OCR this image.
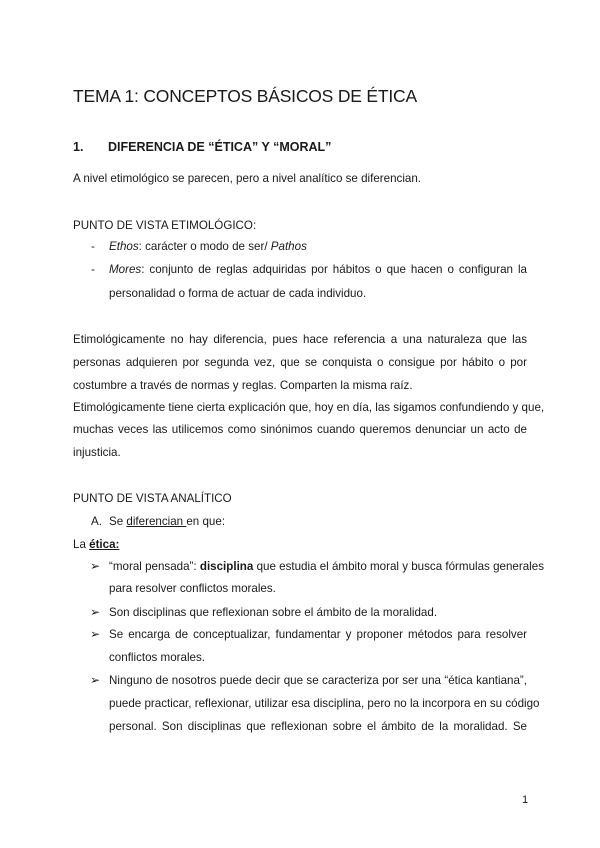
TEMA 1: CONCEPTOS BÁSICOS DE ÉTICA
1. DIFERENCIA DE “ÉTICA” Y “MORAL”
A nivel etimológico se parecen, pero a nivel analítico se diferencian.
PUNTO DE VISTA ETIMOLÓGICO:
- Ethos: carácter o modo de ser/ Pathos
- Mores: conjunto de reglas adquiridas por hábitos o que hacen o configuran la
personalidad o forma de actuar de cada individuo.
Etimológicamente no hay diferencia, pues hace referencia a una naturaleza que las
personas adquieren por segunda vez, que se conquista o consigue por hábito o por
costumbre a través de normas y reglas. Comparten la misma raíz.
Etimológicamente tiene cierta explicación que, hoy en día, las sigamos confundiendo y que,
muchas veces las utilicemos como sinónimos cuando queremos denunciar un acto de
injusticia.
PUNTO DE VISTA ANALÍTICO
A. Se diferencian en que:
La ética:
➢ “moral pensada”: disciplina que estudia el ámbito moral y busca fórmulas generales
para resolver conflictos morales.
➢ Son disciplinas que reflexionan sobre el ámbito de la moralidad.
➢ Se encarga de conceptualizar, fundamentar y proponer métodos para resolver
conflictos morales.
➢ Ninguno de nosotros puede decir que se caracteriza por ser una “ética kantiana”,
puede practicar, reflexionar, utilizar esa disciplina, pero no la incorpora en su código
personal. Son disciplinas que reflexionan sobre el ámbito de la moralidad. Se
1
